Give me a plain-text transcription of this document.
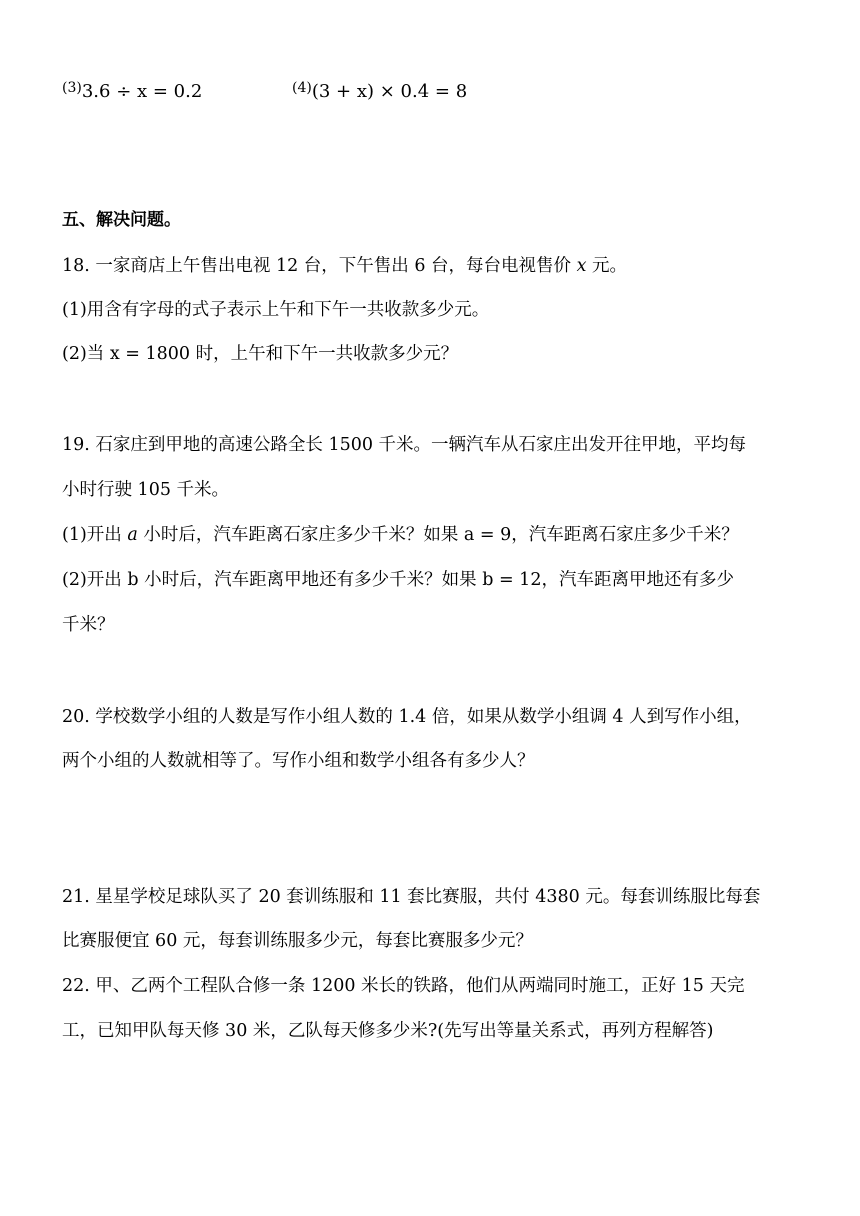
$^{(3)}$3.6 ÷ x = 0.2	$^{(4)}$(3 + x) × 0.4 = 8
五、解决问题。
18. 一家商店上午售出电视 12 台，下午售出 6 台，每台电视售价 x 元。
(1)用含有字母的式子表示上午和下午一共收款多少元。
(2)当 x = 1800 时，上午和下午一共收款多少元？
19. 石家庄到甲地的高速公路全长 1500 千米。一辆汽车从石家庄出发开往甲地，平均每
小时行驶 105 千米。
(1)开出 a 小时后，汽车距离石家庄多少千米？如果 a = 9，汽车距离石家庄多少千米？
(2)开出 b 小时后，汽车距离甲地还有多少千米？如果 b = 12，汽车距离甲地还有多少
千米？
20. 学校数学小组的人数是写作小组人数的 1.4 倍，如果从数学小组调 4 人到写作小组，
两个小组的人数就相等了。写作小组和数学小组各有多少人？
21. 星星学校足球队买了 20 套训练服和 11 套比赛服，共付 4380 元。每套训练服比每套
比赛服便宜 60 元，每套训练服多少元，每套比赛服多少元？
22. 甲、乙两个工程队合修一条 1200 米长的铁路，他们从两端同时施工，正好 15 天完
工，已知甲队每天修 30 米，乙队每天修多少米?(先写出等量关系式，再列方程解答)
